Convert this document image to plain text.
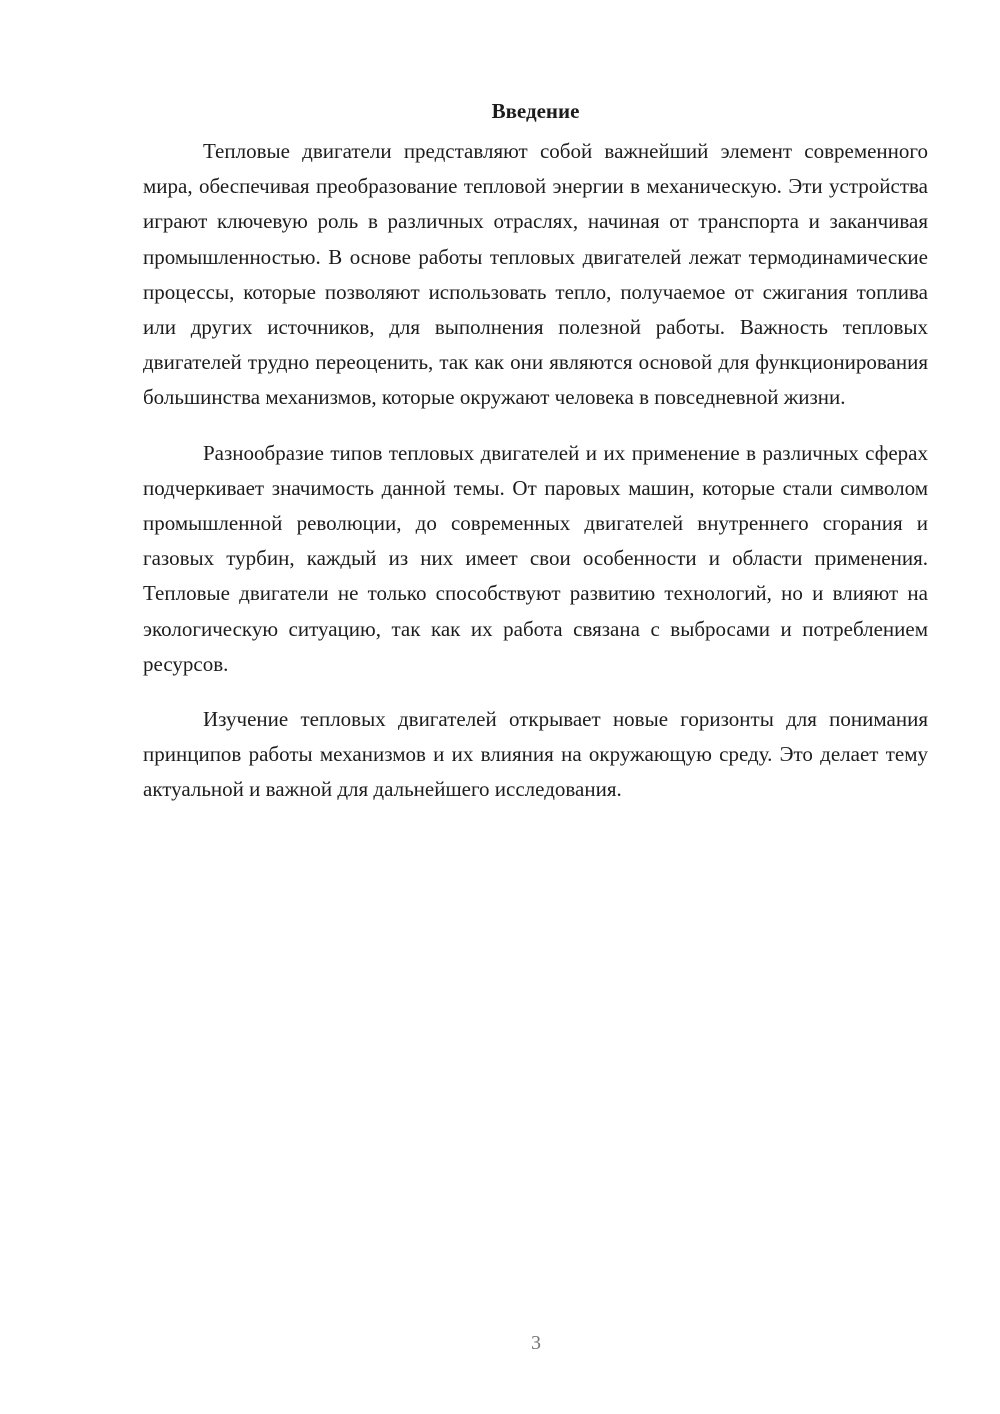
Введение

Тепловые двигатели представляют собой важнейший элемент современного мира, обеспечивая преобразование тепловой энергии в механическую. Эти устройства играют ключевую роль в различных отраслях, начиная от транспорта и заканчивая промышленностью. В основе работы тепловых двигателей лежат термодинамические процессы, которые позволяют использовать тепло, получаемое от сжигания топлива или других источников, для выполнения полезной работы. Важность тепловых двигателей трудно переоценить, так как они являются основой для функционирования большинства механизмов, которые окружают человека в повседневной жизни.

Разнообразие типов тепловых двигателей и их применение в различных сферах подчеркивает значимость данной темы. От паровых машин, которые стали символом промышленной революции, до современных двигателей внутреннего сгорания и газовых турбин, каждый из них имеет свои особенности и области применения. Тепловые двигатели не только способствуют развитию технологий, но и влияют на экологическую ситуацию, так как их работа связана с выбросами и потреблением ресурсов.

Изучение тепловых двигателей открывает новые горизонты для понимания принципов работы механизмов и их влияния на окружающую среду. Это делает тему актуальной и важной для дальнейшего исследования.

3
